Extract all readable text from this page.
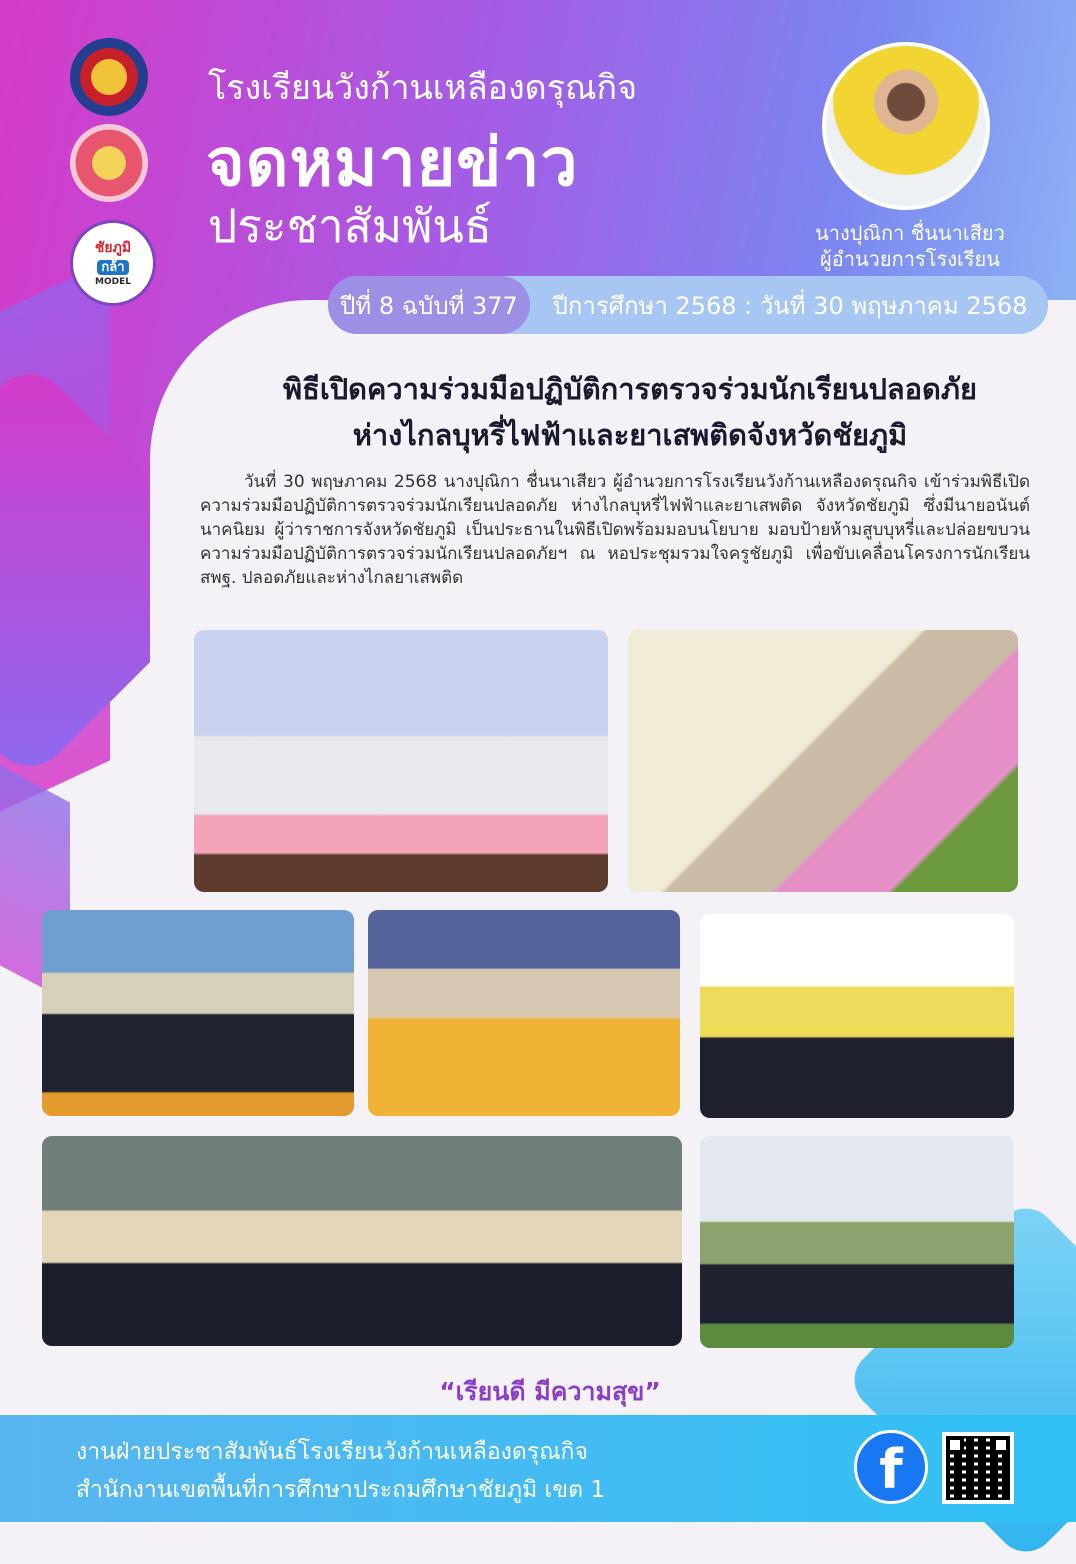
ชัยภูมิ
กล้า
MODEL
โรงเรียนวังก้านเหลืองดรุณกิจ
จดหมายข่าว
ประชาสัมพันธ์	นางปุณิกา ชื่นนาเสียว
ผู้อำนวยการโรงเรียน
ปีที่ 8 ฉบับที่ 377	ปีการศึกษา 2568 : วันที่ 30 พฤษภาคม 2568
พิธีเปิดความร่วมมือปฏิบัติการตรวจร่วมนักเรียนปลอดภัย
ห่างไกลบุหรี่ไฟฟ้าและยาเสพติดจังหวัดชัยภูมิ
วันที่ 30 พฤษภาคม 2568 นางปุณิกา ชื่นนาเสียว ผู้อำนวยการโรงเรียนวังก้านเหลืองดรุณกิจ เข้าร่วมพิธีเปิดความร่วมมือปฏิบัติการตรวจร่วมนักเรียนปลอดภัย ห่างไกลบุหรี่ไฟฟ้าและยาเสพติด จังหวัดชัยภูมิ ซึ่งมีนายอนันต์ นาคนิยม ผู้ว่าราชการจังหวัดชัยภูมิ เป็นประธานในพิธีเปิดพร้อมมอบนโยบาย มอบป้ายห้ามสูบบุหรี่และปล่อยขบวนความร่วมมือปฏิบัติการตรวจร่วมนักเรียนปลอดภัยฯ ณ หอประชุมรวมใจครูชัยภูมิ เพื่อขับเคลื่อนโครงการนักเรียน สพฐ. ปลอดภัยและห่างไกลยาเสพติด
“เรียนดี มีความสุข”
งานฝ่ายประชาสัมพันธ์โรงเรียนวังก้านเหลืองดรุณกิจ
สำนักงานเขตพื้นที่การศึกษาประถมศึกษาชัยภูมิ เขต 1	f
